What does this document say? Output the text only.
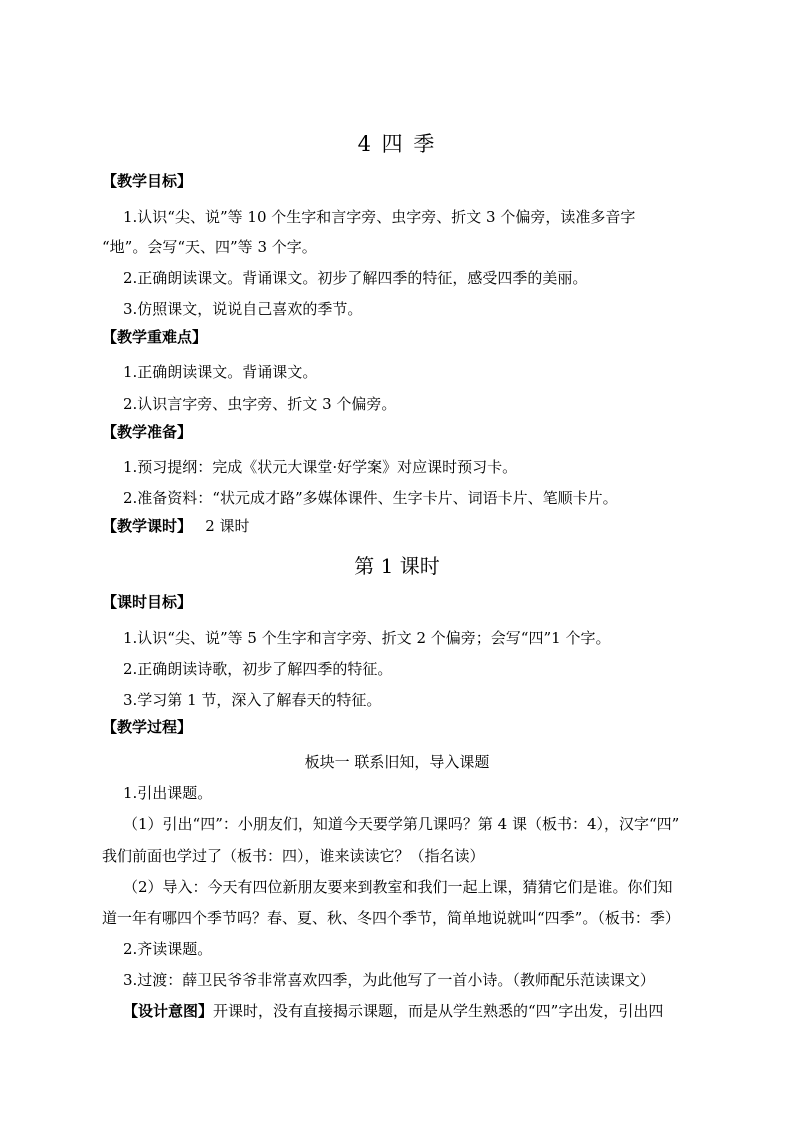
4 四 季
【教学目标】
1.认识“尖、说”等 10 个生字和言字旁、虫字旁、折文 3 个偏旁，读准多音字
“地”。会写“天、四”等 3 个字。
2.正确朗读课文。背诵课文。初步了解四季的特征，感受四季的美丽。
3.仿照课文，说说自己喜欢的季节。
【教学重难点】
1.正确朗读课文。背诵课文。
2.认识言字旁、虫字旁、折文 3 个偏旁。
【教学准备】
1.预习提纲：完成《状元大课堂·好学案》对应课时预习卡。
2.准备资料：“状元成才路”多媒体课件、生字卡片、词语卡片、笔顺卡片。
【教学课时】 2 课时
第 1 课时
【课时目标】
1.认识“尖、说”等 5 个生字和言字旁、折文 2 个偏旁；会写“四”1 个字。
2.正确朗读诗歌，初步了解四季的特征。
3.学习第 1 节，深入了解春天的特征。
【教学过程】
板块一 联系旧知，导入课题
1.引出课题。
（1）引出“四”：小朋友们，知道今天要学第几课吗？第 4 课（板书：4），汉字“四”
我们前面也学过了（板书：四），谁来读读它？（指名读）
（2）导入：今天有四位新朋友要来到教室和我们一起上课，猜猜它们是谁。你们知
道一年有哪四个季节吗？春、夏、秋、冬四个季节，简单地说就叫“四季”。（板书：季）
2.齐读课题。
3.过渡：薛卫民爷爷非常喜欢四季，为此他写了一首小诗。（教师配乐范读课文）
【设计意图】开课时，没有直接揭示课题，而是从学生熟悉的“四”字出发，引出四
